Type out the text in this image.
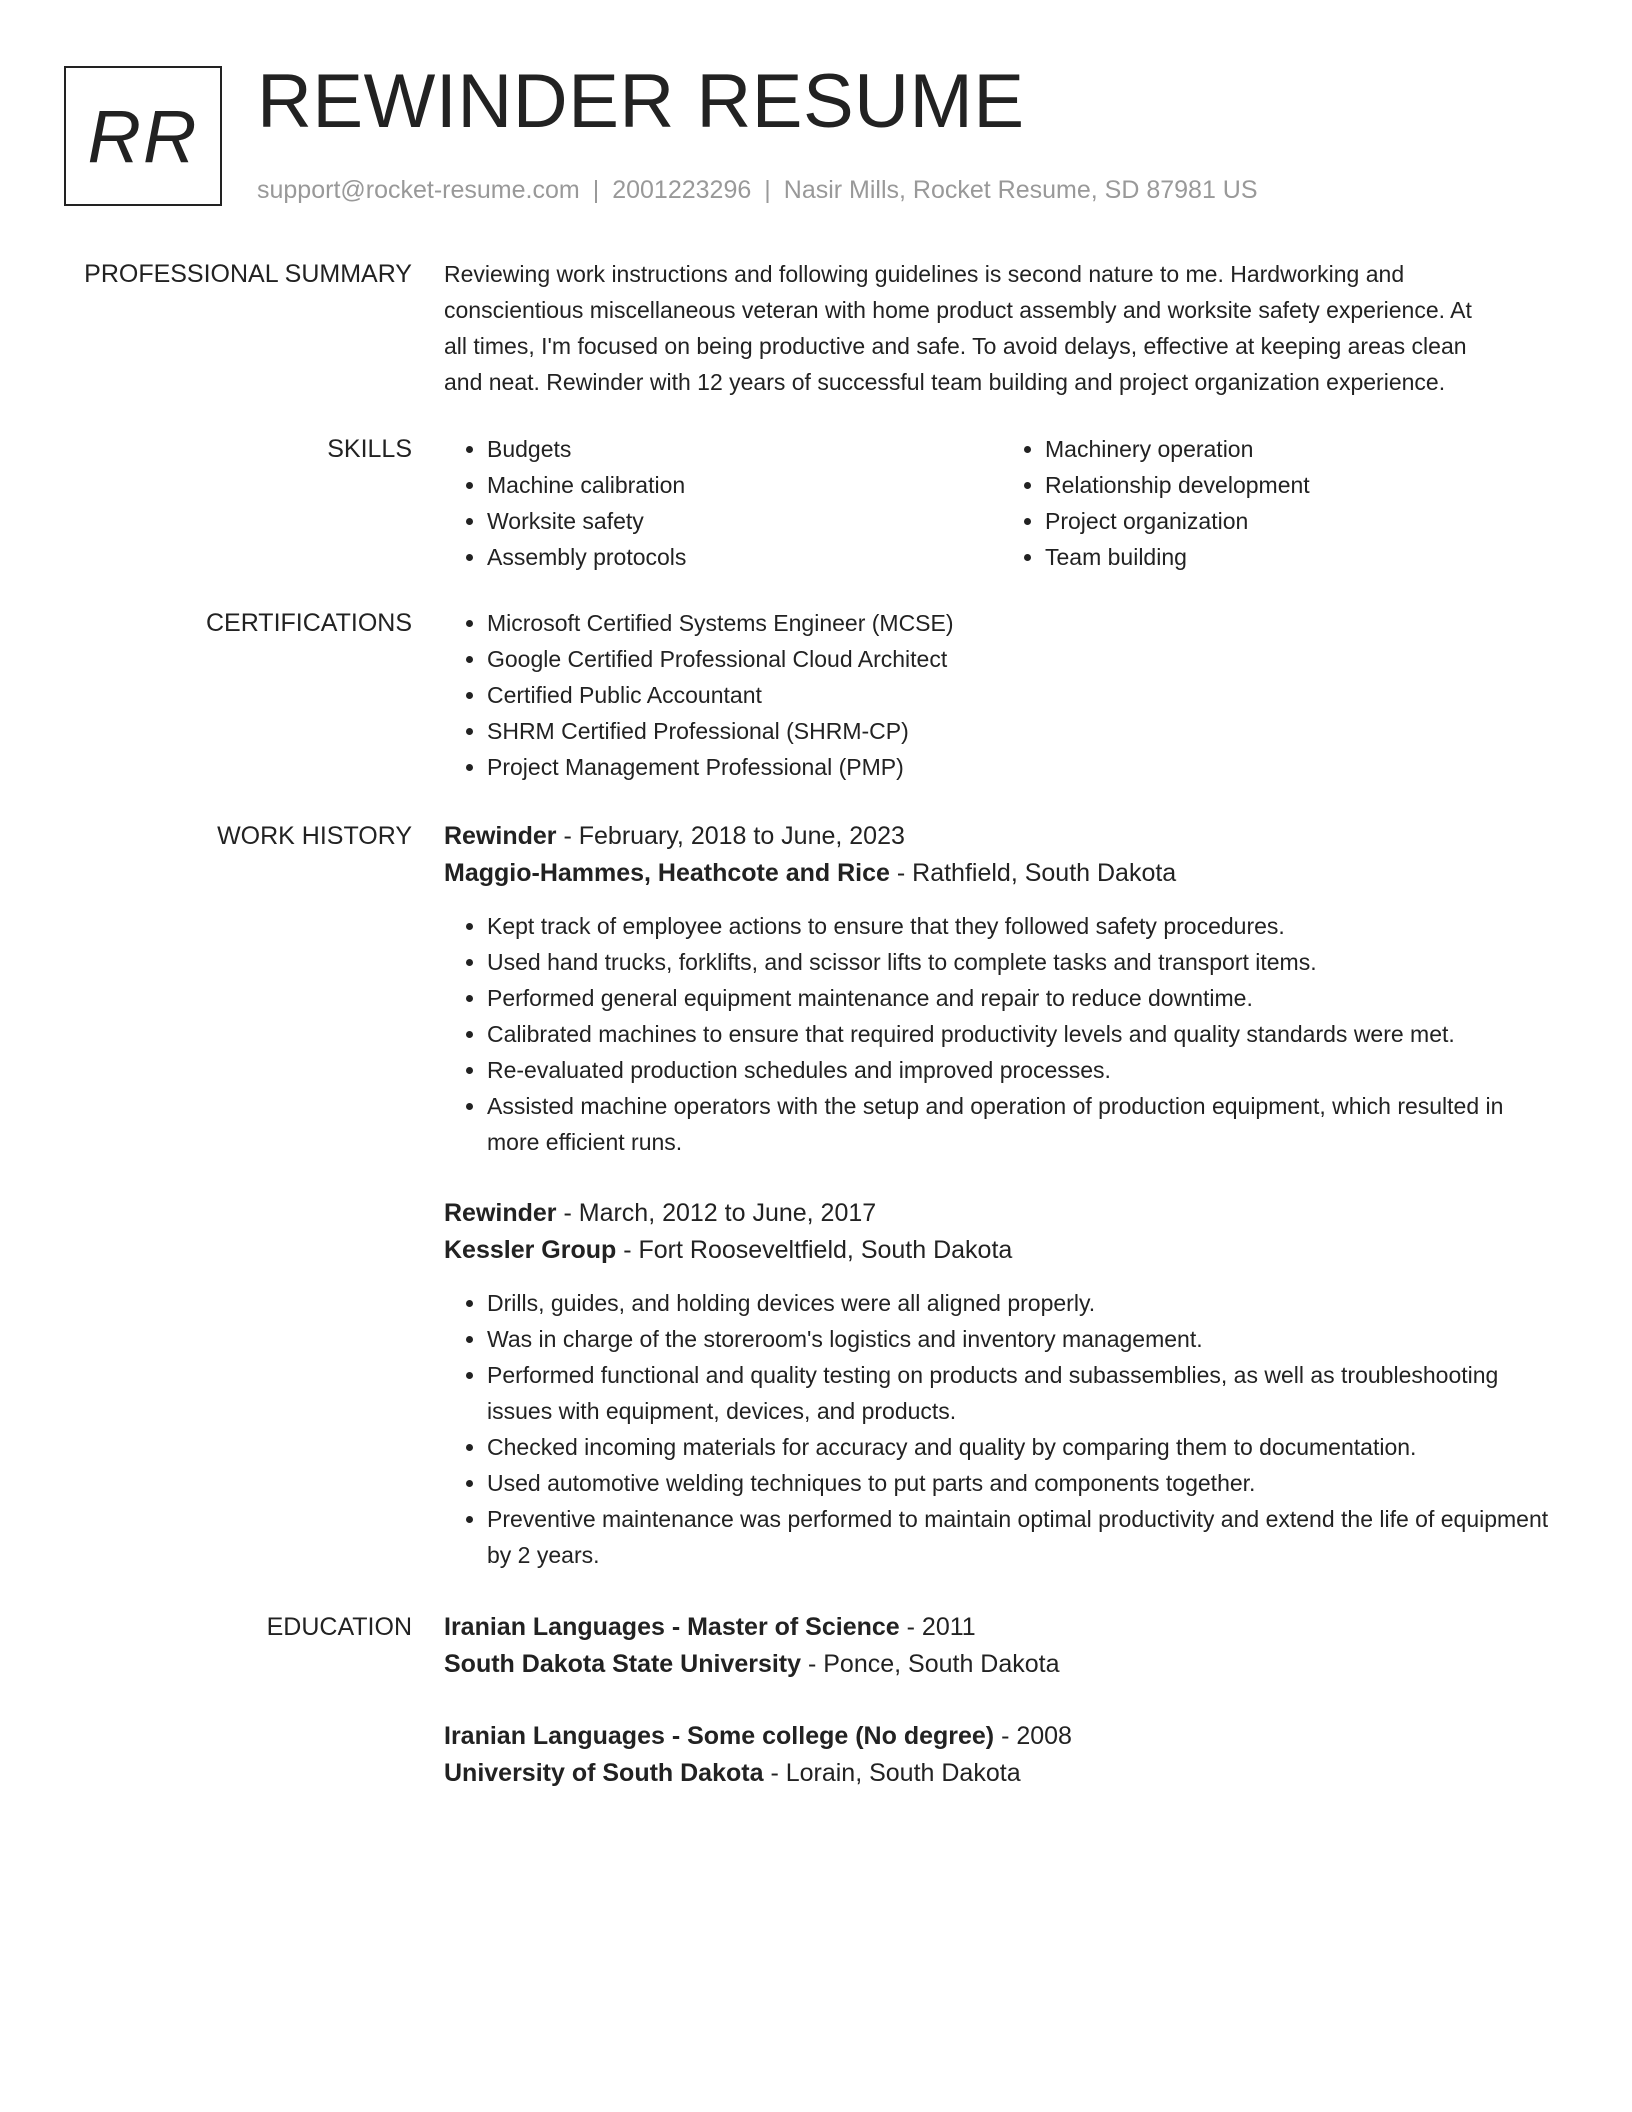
RR REWINDER RESUME
support@rocket-resume.com | 2001223296 | Nasir Mills, Rocket Resume, SD 87981 US
PROFESSIONAL SUMMARY Reviewing work instructions and following guidelines is second nature to me. Hardworking and
conscientious miscellaneous veteran with home product assembly and worksite safety experience. At
all times, I'm focused on being productive and safe. To avoid delays, effective at keeping areas clean
and neat. Rewinder with 12 years of successful team building and project organization experience.
SKILLS	• Budgets
• Machine calibration
• Worksite safety
• Assembly protocols
• Machinery operation
• Relationship development
• Project organization
• Team building
CERTIFICATIONS	• Microsoft Certified Systems Engineer (MCSE)
• Google Certified Professional Cloud Architect
• Certified Public Accountant
• SHRM Certified Professional (SHRM-CP)
• Project Management Professional (PMP)
WORK HISTORY Rewinder - February, 2018 to June, 2023
Maggio-Hammes, Heathcote and Rice - Rathfield, South Dakota
• Kept track of employee actions to ensure that they followed safety procedures.
• Used hand trucks, forklifts, and scissor lifts to complete tasks and transport items.
• Performed general equipment maintenance and repair to reduce downtime.
• Calibrated machines to ensure that required productivity levels and quality standards were met.
• Re-evaluated production schedules and improved processes.
• Assisted machine operators with the setup and operation of production equipment, which resulted in more efficient runs.
Rewinder - March, 2012 to June, 2017
Kessler Group - Fort Rooseveltfield, South Dakota
• Drills, guides, and holding devices were all aligned properly.
• Was in charge of the storeroom's logistics and inventory management.
• Performed functional and quality testing on products and subassemblies, as well as troubleshooting issues with equipment, devices, and products.
• Checked incoming materials for accuracy and quality by comparing them to documentation.
• Used automotive welding techniques to put parts and components together.
• Preventive maintenance was performed to maintain optimal productivity and extend the life of equipment by 2 years.
EDUCATION Iranian Languages - Master of Science - 2011
South Dakota State University - Ponce, South Dakota
Iranian Languages - Some college (No degree) - 2008
University of South Dakota - Lorain, South Dakota
